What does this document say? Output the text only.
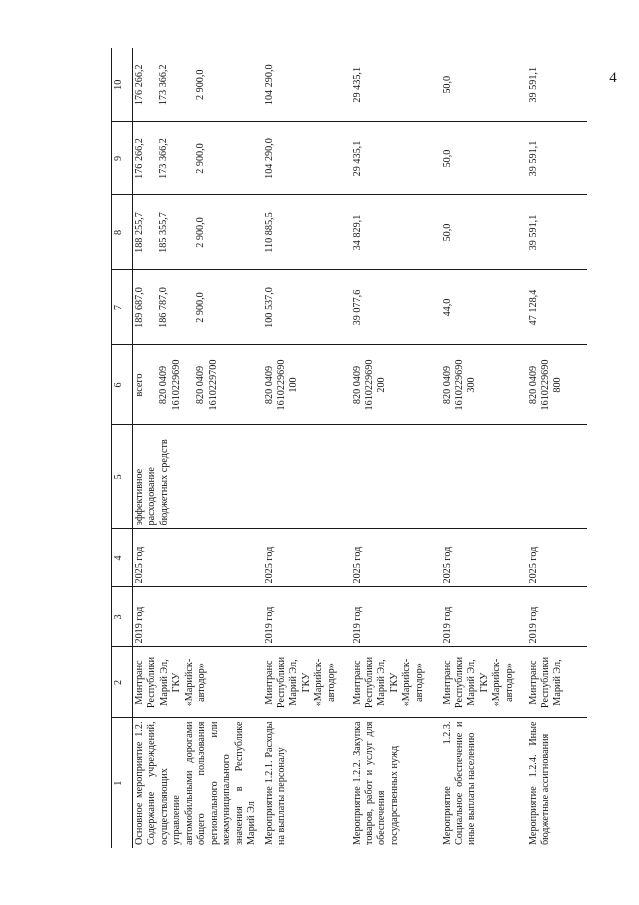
4
1	2	3	4	5	6	7	8	9	10
Основное мероприятие 1.2. Содержание учреждений, осуществляющих управление автомобильными дорогами общего пользования регионального или межмуниципального значения в Республике Марий Эл	Минтранс Республики Марий Эл, ГКУ «Марийск-автодор»	2019 год	2025 год	эффективное расходование бюджетных средств	всего 820 0409 1610229690 820 0409 1610229700	189 687,0 186 787,0 2 900,0	188 255,7 185 355,7 2 900,0	176 266,2 173 366,2 2 900,0	176 266,2 173 366,2 2 900,0

Мероприятие 1.2.1. Расходы на выплаты персоналу	Минтранс Республики Марий Эл, ГКУ «Марийск-автодор»	2019 год	2025 год		820 0409 1610229690 100	100 537,0	110 885,5	104 290,0	104 290,0
Мероприятие 1.2.2. Закупка товаров, работ и услуг для обеспечения государственных нужд	Минтранс Республики Марий Эл, ГКУ «Марийск-автодор»	2019 год	2025 год		820 0409 1610229690 200	39 077,6	34 829,1	29 435,1	29 435,1
Мероприятие 1.2.3. Социальное обеспечение и иные выплаты населению	Минтранс Республики Марий Эл, ГКУ «Марийск-автодор»	2019 год	2025 год		820 0409 1610229690 300	44,0	50,0	50,0	50,0
Мероприятие 1.2.4. Иные бюджетные ассигнования	Минтранс Республики Марий Эл,	2019 год	2025 год		820 0409 1610229690 800	47 128,4	39 591,1	39 591,1	39 591,1
